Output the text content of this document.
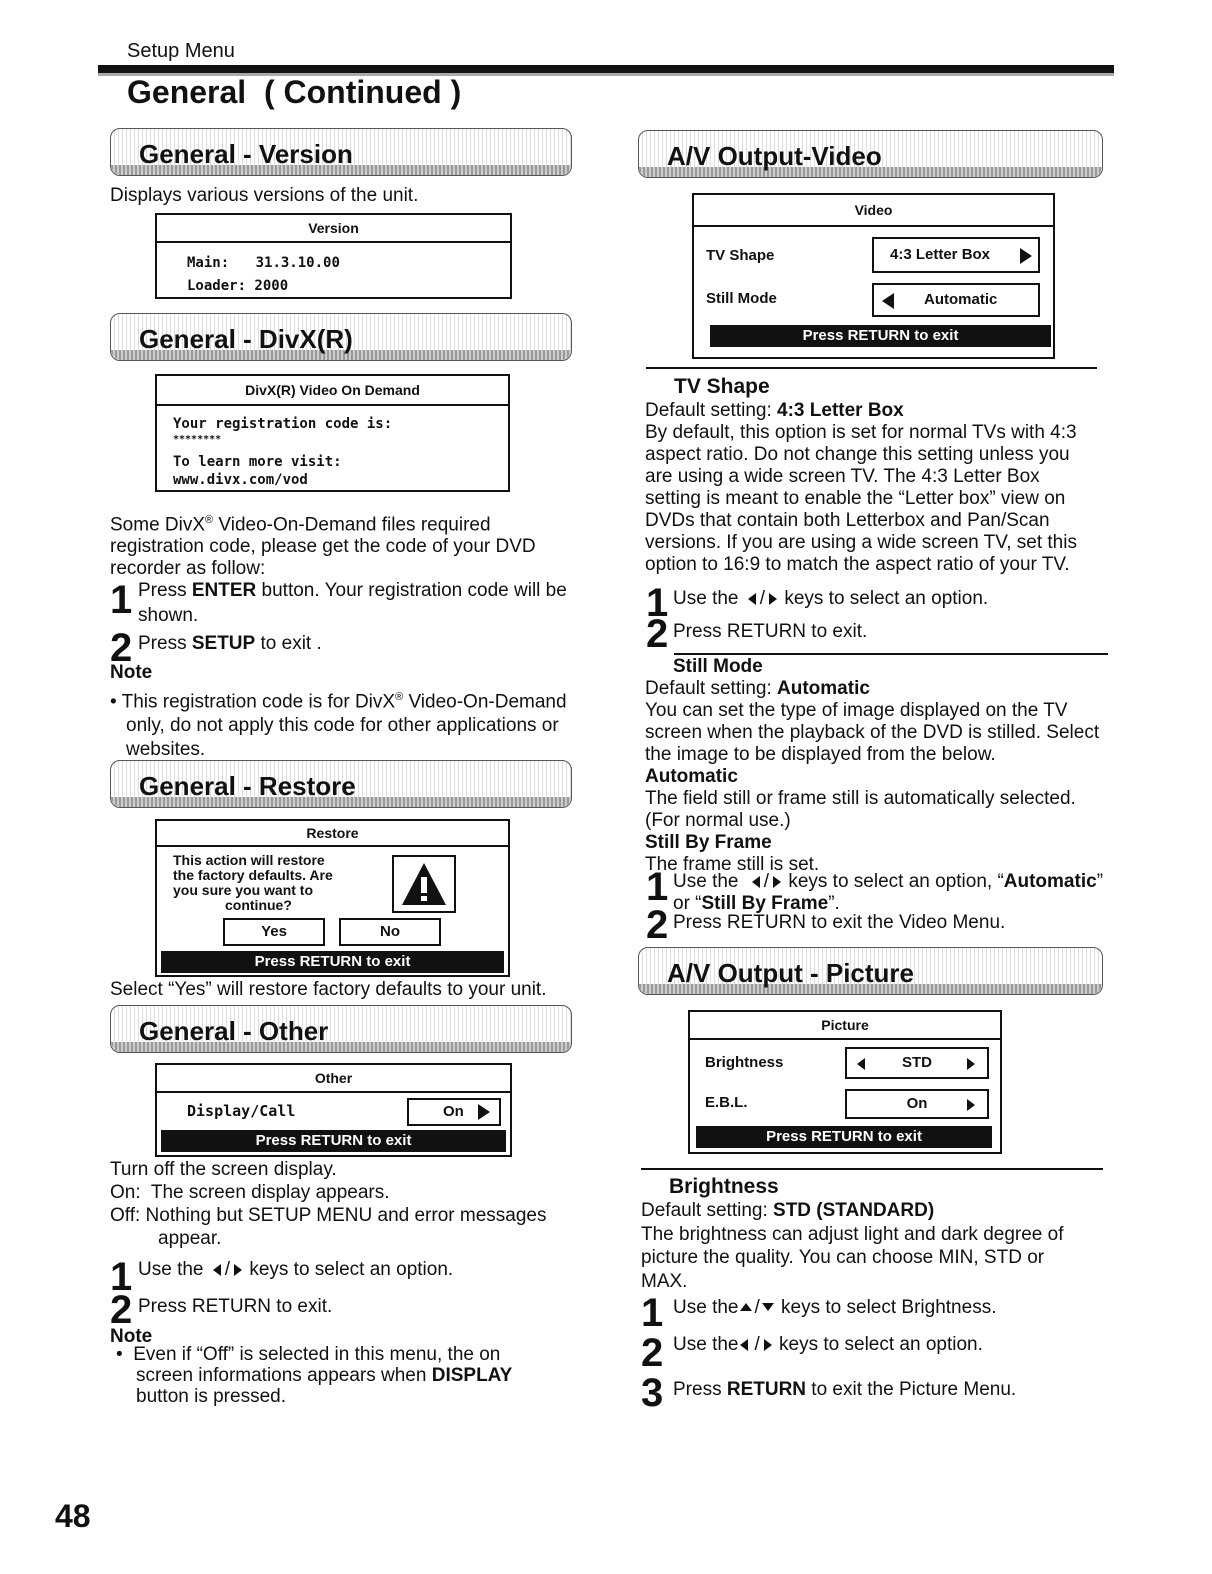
Setup Menu
General  ( Continued )
General - Version
Displays various versions of the unit.
Version
Main: 31.3.10.00
Loader: 2000
General - DivX(R)
DivX(R) Video On Demand
Your registration code is:
********
To learn more visit:
www.divx.com/vod
Some DivX® Video-On-Demand files required
registration code, please get the code of your DVD
recorder as follow:
1 Press ENTER button. Your registration code will be
shown.
2 Press SETUP to exit .
Note
• This registration code is for DivX® Video-On-Demand
only, do not apply this code for other applications or
websites.
General - Restore
Restore
This action will restore
the factory defaults. Are
you sure you want to
continue?
Yes	No
Press RETURN to exit
Select “Yes” will restore factory defaults to your unit.
General - Other
Other
Display/Call	On
Press RETURN to exit
Turn off the screen display.
On:  The screen display appears.
Off: Nothing but SETUP MENU and error messages
appear.
1 Use the / keys to select an option.
2 Press RETURN to exit.
Note
•  Even if “Off” is selected in this menu, the on
screen informations appears when DISPLAY
button is pressed.
48
A/V Output-Video
Video
TV Shape	4:3 Letter Box
Still Mode	Automatic
Press RETURN to exit
TV Shape
Default setting: 4:3 Letter Box
By default, this option is set for normal TVs with 4:3
aspect ratio. Do not change this setting unless you
are using a wide screen TV. The 4:3 Letter Box
setting is meant to enable the “Letter box” view on
DVDs that contain both Letterbox and Pan/Scan
versions. If you are using a wide screen TV, set this
option to 16:9 to match the aspect ratio of your TV.
1 Use the / keys to select an option.
2 Press RETURN to exit.
Still Mode
Default setting: Automatic
You can set the type of image displayed on the TV
screen when the playback of the DVD is stilled. Select
the image to be displayed from the below.
Automatic
The field still or frame still is automatically selected.
(For normal use.)
Still By Frame
The frame still is set.
1 Use the / keys to select an option, “Automatic”
or “Still By Frame”.
2 Press RETURN to exit the Video Menu.
A/V Output - Picture
Picture
Brightness	STD
E.B.L.	On
Press RETURN to exit
Brightness
Default setting: STD (STANDARD)
The brightness can adjust light and dark degree of
picture the quality. You can choose MIN, STD or
MAX.
1 Use the / keys to select Brightness.
2 Use the / keys to select an option.
3 Press RETURN to exit the Picture Menu.
